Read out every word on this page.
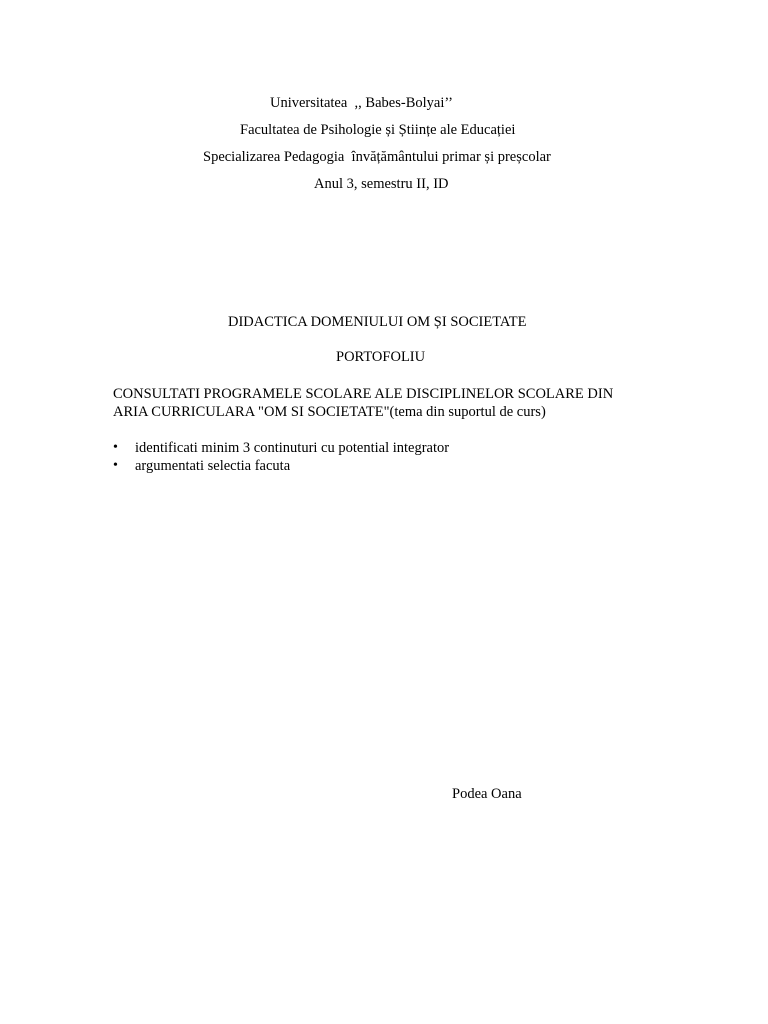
Universitatea  ,, Babes-Bolyai’’
Facultatea de Psihologie și Științe ale Educației
Specializarea Pedagogia  învățământului primar și preșcolar
Anul 3, semestru II, ID
DIDACTICA DOMENIULUI OM ȘI SOCIETATE
PORTOFOLIU
CONSULTATI PROGRAMELE SCOLARE ALE DISCIPLINELOR SCOLARE DIN
ARIA CURRICULARA "OM SI SOCIETATE"(tema din suportul de curs)

•

	identificati minim 3 continuturi cu potential integrator

•

	argumentati selectia facuta

Podea Oana
